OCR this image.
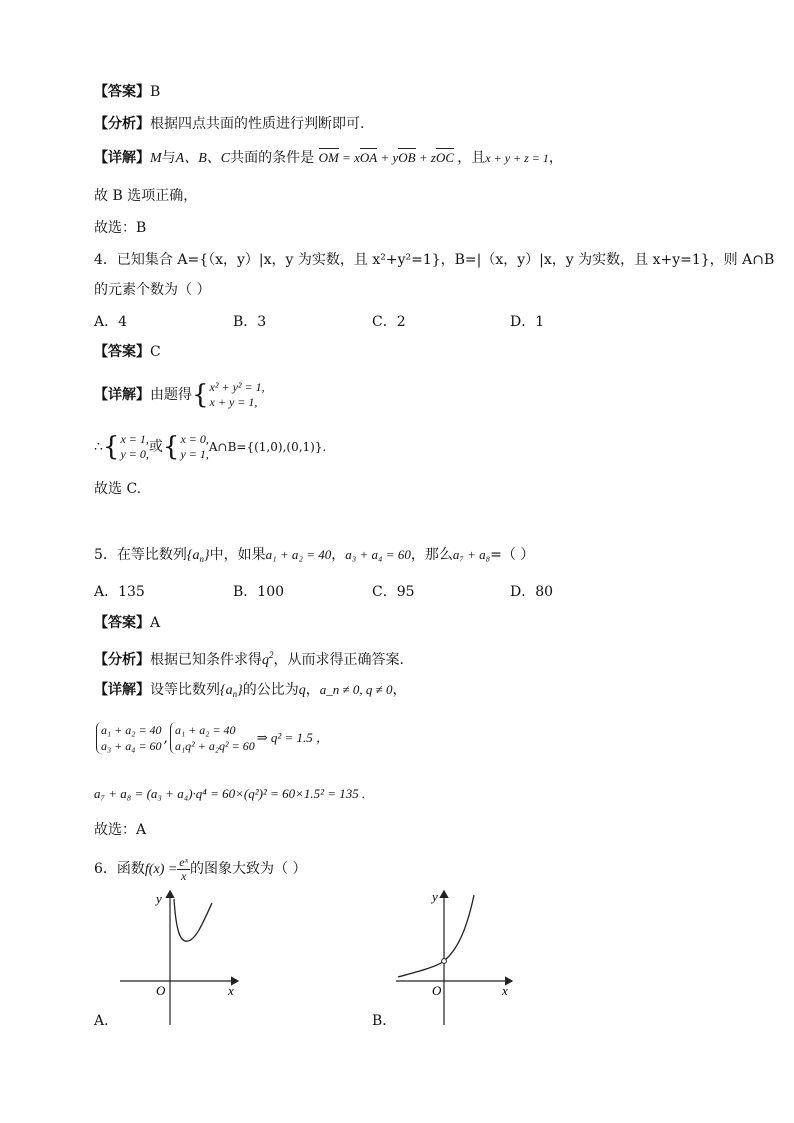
【答案】B
【分析】根据四点共面的性质进行判断即可.
【详解】M与A、B、C共面的条件是 OM = xOA + yOB + zOC ，且x + y + z = 1，
故 B 选项正确，
故选：B
4．已知集合 A={（x，y）|x，y 为实数，且 x²+y²=1}，B=|（x，y）|x，y 为实数，且 x+y=1}，则 A∩B
的元素个数为（ ）
A．4	B．3	C．2	D．1
【答案】C
【详解】由题得{ x² + y² = 1,
x + y = 1,
∴{ x = 1,
y = 0, 或{ x = 0,
y = 1, A∩B={(1,0),(0,1)}.
故选 C.
5．在等比数列$\{a_n\}$中，如果a₁ + a₂ = 40，a₃ + a₄ = 60，那么a₇ + a₈=（ ）
A．135	B．100	C．95	D．80
【答案】A
【分析】根据已知条件求得$q^2$，从而求得正确答案.
【详解】设等比数列$\{a_n\}$的公比为q，a_n ≠ 0, q ≠ 0，
a₁ + a₂ = 40
a₃ + a₄ = 60 , a₁ + a₂ = 40
a₁q² + a₂q² = 60
⇒ q² = 1.5 ，
a₇ + a₈ = (a₃ + a₄)·q⁴ = 60×(q²)² = 60×1.5² = 135 .
故选：A
6．函数$f(x) = \frac{\text{eˣ}}{x}$ 的图象大致为（ ）
y
x
O
A．
y
x
O
B．
